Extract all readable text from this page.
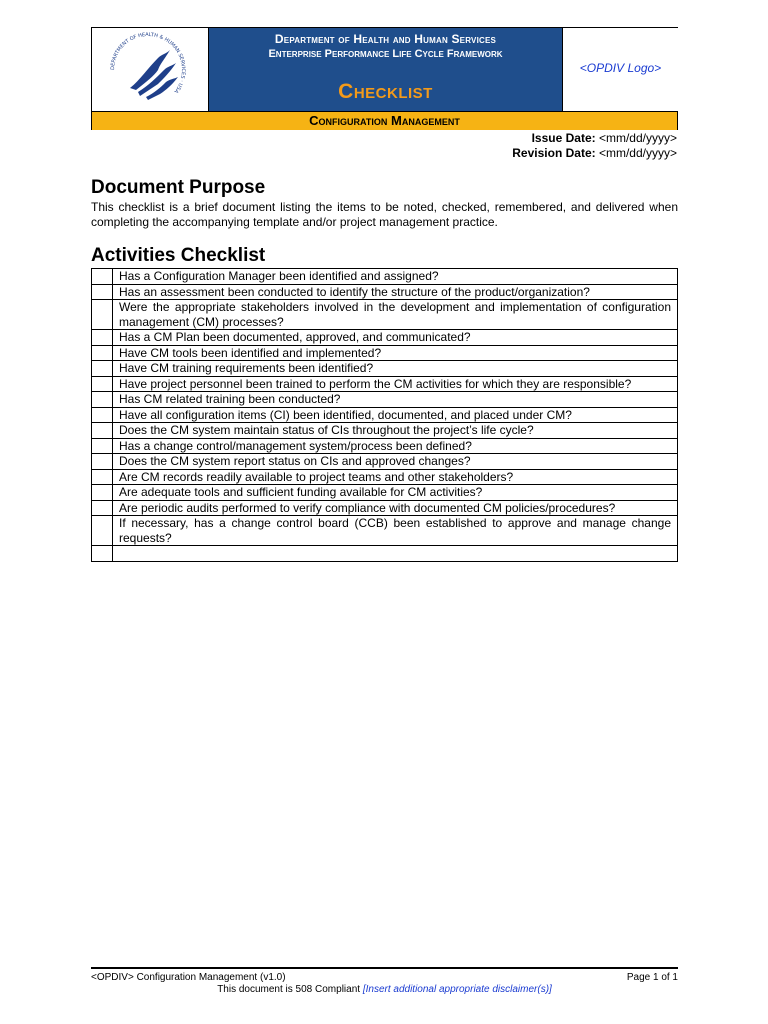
DEPARTMENT OF HEALTH & HUMAN SERVICES · USA
Department of Health and Human Services
Enterprise Performance Life Cycle Framework
Checklist
<OPDIV Logo>
Configuration Management
Issue Date: <mm/dd/yyyy>
Revision Date: <mm/dd/yyyy>
Document Purpose
This checklist is a brief document listing the items to be noted, checked, remembered, and delivered when completing the accompanying template and/or project management practice.
Activities Checklist
	Has a Configuration Manager been identified and assigned?
	Has an assessment been conducted to identify the structure of the product/organization?
	Were the appropriate stakeholders involved in the development and implementation of configuration management (CM) processes?
	Has a CM Plan been documented, approved, and communicated?
	Have CM tools been identified and implemented?
	Have CM training requirements been identified?
	Have project personnel been trained to perform the CM activities for which they are responsible?
	Has CM related training been conducted?
	Have all configuration items (CI) been identified, documented, and placed under CM?
	Does the CM system maintain status of CIs throughout the project’s life cycle?
	Has a change control/management system/process been defined?
	Does the CM system report status on CIs and approved changes?
	Are CM records readily available to project teams and other stakeholders?
	Are adequate tools and sufficient funding available for CM activities?
	Are periodic audits performed to verify compliance with documented CM policies/procedures?
	If necessary, has a change control board (CCB) been established to approve and manage change requests?

<OPDIV> Configuration Management (v1.0)	Page 1 of 1
This document is 508 Compliant [Insert additional appropriate disclaimer(s)]
